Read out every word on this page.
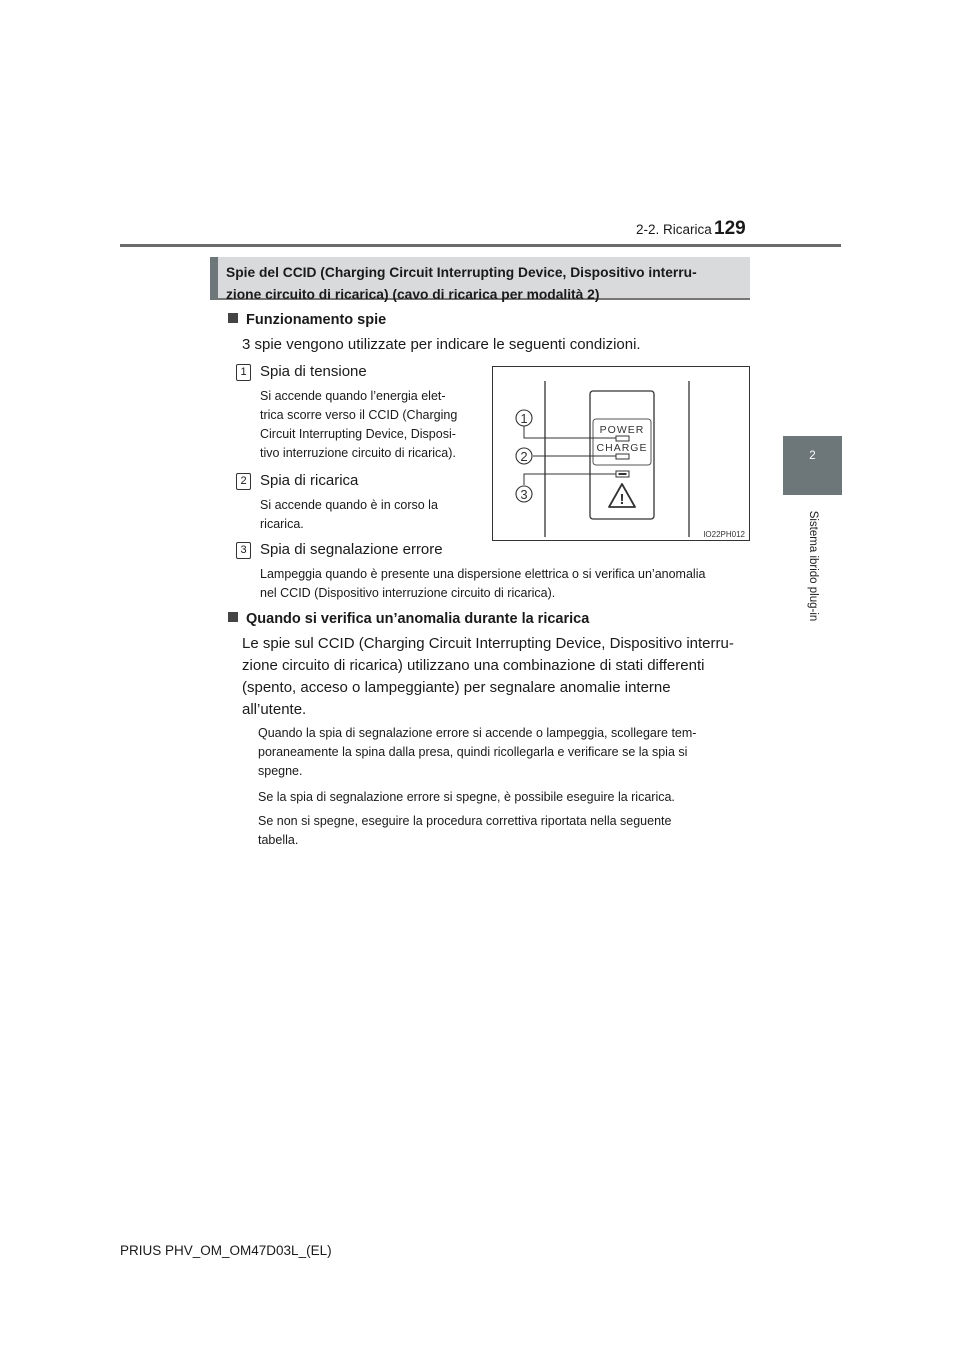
2-2. Ricarica 129
2
Sistema ibrido plug-in
Spie del CCID (Charging Circuit Interrupting Device, Dispositivo interru-
zione circuito di ricarica) (cavo di ricarica per modalità 2)
Funzionamento spie
3 spie vengono utilizzate per indicare le seguenti condizioni.
1 Spia di tensione
Si accende quando l’energia elet-
trica scorre verso il CCID (Charging
Circuit Interrupting Device, Disposi-
tivo interruzione circuito di ricarica).
2 Spia di ricarica
Si accende quando è in corso la
ricarica.
3 Spia di segnalazione errore
Lampeggia quando è presente una dispersione elettrica o si verifica un’anomalia
nel CCID (Dispositivo interruzione circuito di ricarica).
POWER
CHARGE
!
1
2
3
IO22PH012
Quando si verifica un’anomalia durante la ricarica
Le spie sul CCID (Charging Circuit Interrupting Device, Dispositivo interru-
zione circuito di ricarica) utilizzano una combinazione di stati differenti
(spento, acceso o lampeggiante) per segnalare anomalie interne
all’utente.
Quando la spia di segnalazione errore si accende o lampeggia, scollegare tem-
poraneamente la spina dalla presa, quindi ricollegarla e verificare se la spia si
spegne.
Se la spia di segnalazione errore si spegne, è possibile eseguire la ricarica.
Se non si spegne, eseguire la procedura correttiva riportata nella seguente
tabella.
PRIUS PHV_OM_OM47D03L_(EL)
